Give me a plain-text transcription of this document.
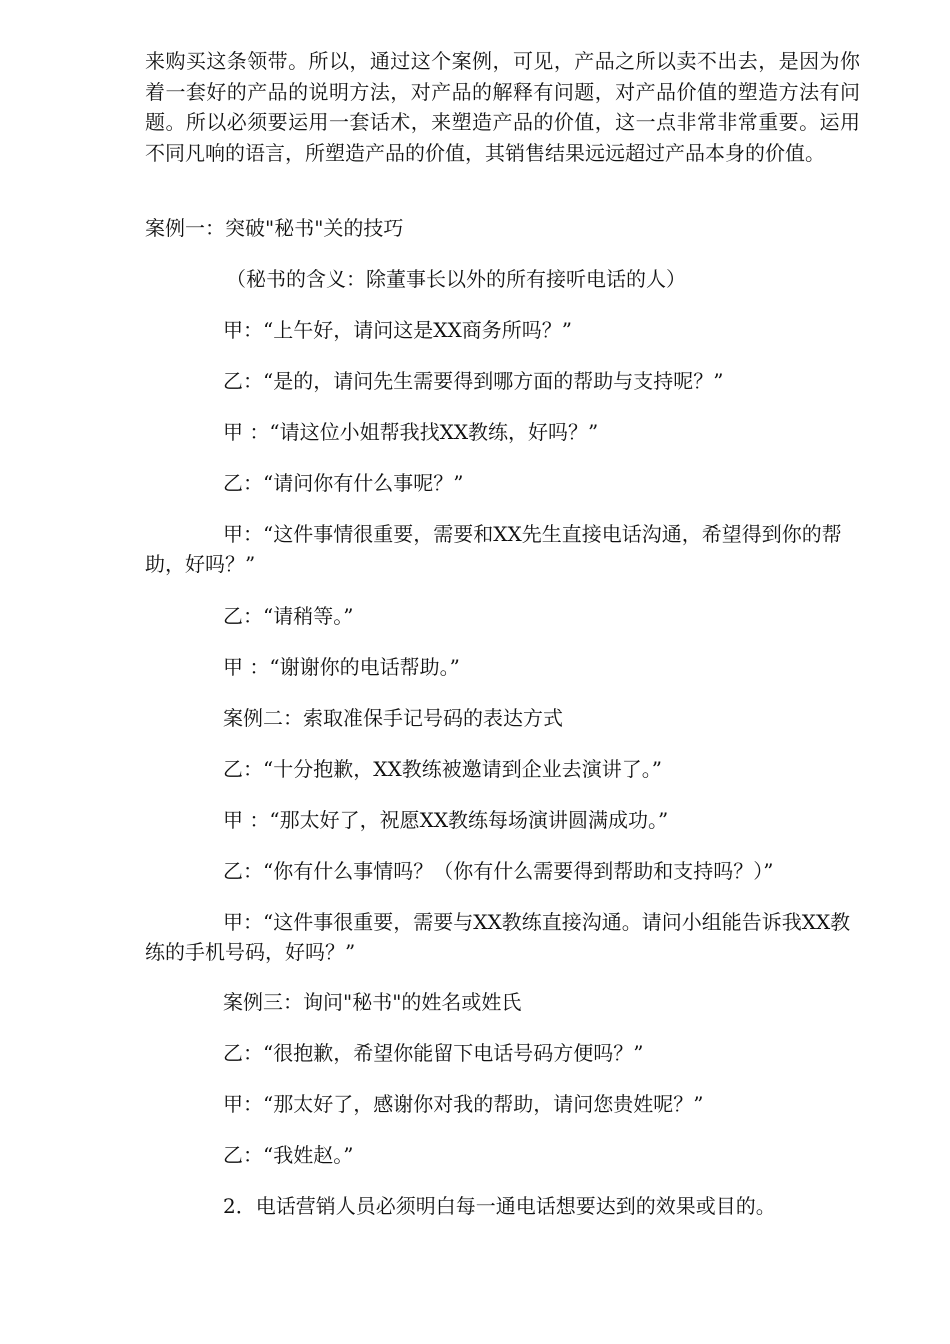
来购买这条领带。所以，通过这个案例，可见，产品之所以卖不出去，是因为你着一套好的产品的说明方法，对产品的解释有问题，对产品价值的塑造方法有问题。所以必须要运用一套话术，来塑造产品的价值，这一点非常非常重要。运用不同凡响的语言，所塑造产品的价值，其销售结果远远超过产品本身的价值。

案例一：突破"秘书"关的技巧

（秘书的含义：除董事长以外的所有接听电话的人）

甲：“上午好，请问这是XX商务所吗？”

乙：“是的，请问先生需要得到哪方面的帮助与支持呢？”

甲 ：“请这位小姐帮我找XX教练，好吗？”

乙：“请问你有什么事呢？”

甲：“这件事情很重要，需要和XX先生直接电话沟通，希望得到你的帮助，好吗？”

乙：“请稍等。”

甲 ：“谢谢你的电话帮助。”

案例二：索取准保手记号码的表达方式

乙：“十分抱歉，XX教练被邀请到企业去演讲了。”

甲 ：“那太好了，祝愿XX教练每场演讲圆满成功。”

乙：“你有什么事情吗？（你有什么需要得到帮助和支持吗？）”

甲：“这件事很重要，需要与XX教练直接沟通。请问小组能告诉我XX教练的手机号码，好吗？”

案例三：询问"秘书"的姓名或姓氏

乙：“很抱歉，希望你能留下电话号码方便吗？”

甲：“那太好了，感谢你对我的帮助，请问您贵姓呢？”

乙：“我姓赵。”

2．电话营销人员必须明白每一通电话想要达到的效果或目的。
